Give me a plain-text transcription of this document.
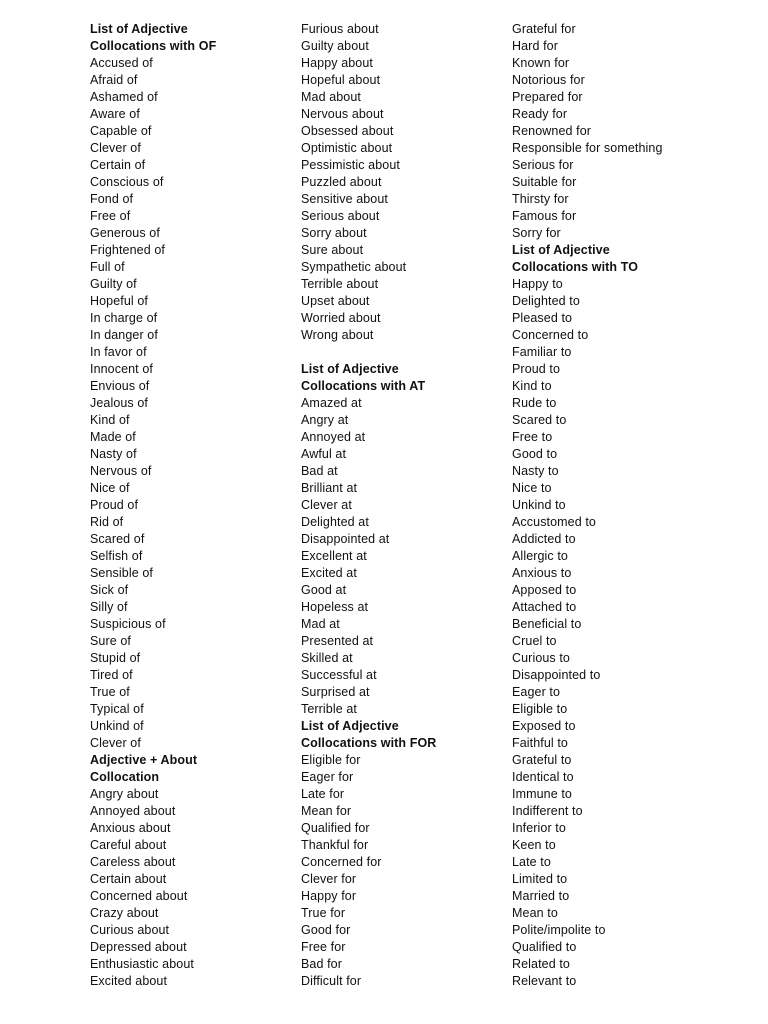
List of Adjective
Collocations with OF
Accused of
Afraid of
Ashamed of
Aware of
Capable of
Clever of
Certain of
Conscious of
Fond of
Free of
Generous of
Frightened of
Full of
Guilty of
Hopeful of
In charge of
In danger of
In favor of
Innocent of
Envious of
Jealous of
Kind of
Made of
Nasty of
Nervous of
Nice of
Proud of
Rid of
Scared of
Selfish of
Sensible of
Sick of
Silly of
Suspicious of
Sure of
Stupid of
Tired of
True of
Typical of
Unkind of
Clever of
Adjective + About
Collocation
Angry about
Annoyed about
Anxious about
Careful about
Careless about
Certain about
Concerned about
Crazy about
Curious about
Depressed about
Enthusiastic about
Excited about
Furious about
Guilty about
Happy about
Hopeful about
Mad about
Nervous about
Obsessed about
Optimistic about
Pessimistic about
Puzzled about
Sensitive about
Serious about
Sorry about
Sure about
Sympathetic about
Terrible about
Upset about
Worried about
Wrong about
List of Adjective
Collocations with AT
Amazed at
Angry at
Annoyed at
Awful at
Bad at
Brilliant at
Clever at
Delighted at
Disappointed at
Excellent at
Excited at
Good at
Hopeless at
Mad at
Presented at
Skilled at
Successful at
Surprised at
Terrible at
List of Adjective
Collocations with FOR
Eligible for
Eager for
Late for
Mean for
Qualified for
Thankful for
Concerned for
Clever for
Happy for
True for
Good for
Free for
Bad for
Difficult for
Grateful for
Hard for
Known for
Notorious for
Prepared for
Ready for
Renowned for
Responsible for something
Serious for
Suitable for
Thirsty for
Famous for
Sorry for
List of Adjective
Collocations with TO
Happy to
Delighted to
Pleased to
Concerned to
Familiar to
Proud to
Kind to
Rude to
Scared to
Free to
Good to
Nasty to
Nice to
Unkind to
Accustomed to
Addicted to
Allergic to
Anxious to
Apposed to
Attached to
Beneficial to
Cruel to
Curious to
Disappointed to
Eager to
Eligible to
Exposed to
Faithful to
Grateful to
Identical to
Immune to
Indifferent to
Inferior to
Keen to
Late to
Limited to
Married to
Mean to
Polite/impolite to
Qualified to
Related to
Relevant to
